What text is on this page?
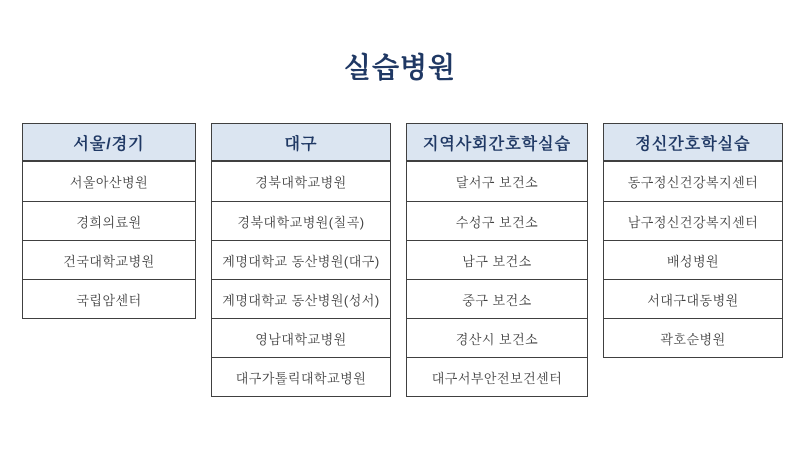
실습병원
서울/경기
서울아산병원
경희의료원
건국대학교병원
국립암센터
대구
경북대학교병원
경북대학교병원(칠곡)
계명대학교 동산병원(대구)
계명대학교 동산병원(성서)
영남대학교병원
대구가톨릭대학교병원
지역사회간호학실습
달서구 보건소
수성구 보건소
남구 보건소
중구 보건소
경산시 보건소
대구서부안전보건센터
정신간호학실습
동구정신건강복지센터
남구정신건강복지센터
배성병원
서대구대동병원
곽호순병원
